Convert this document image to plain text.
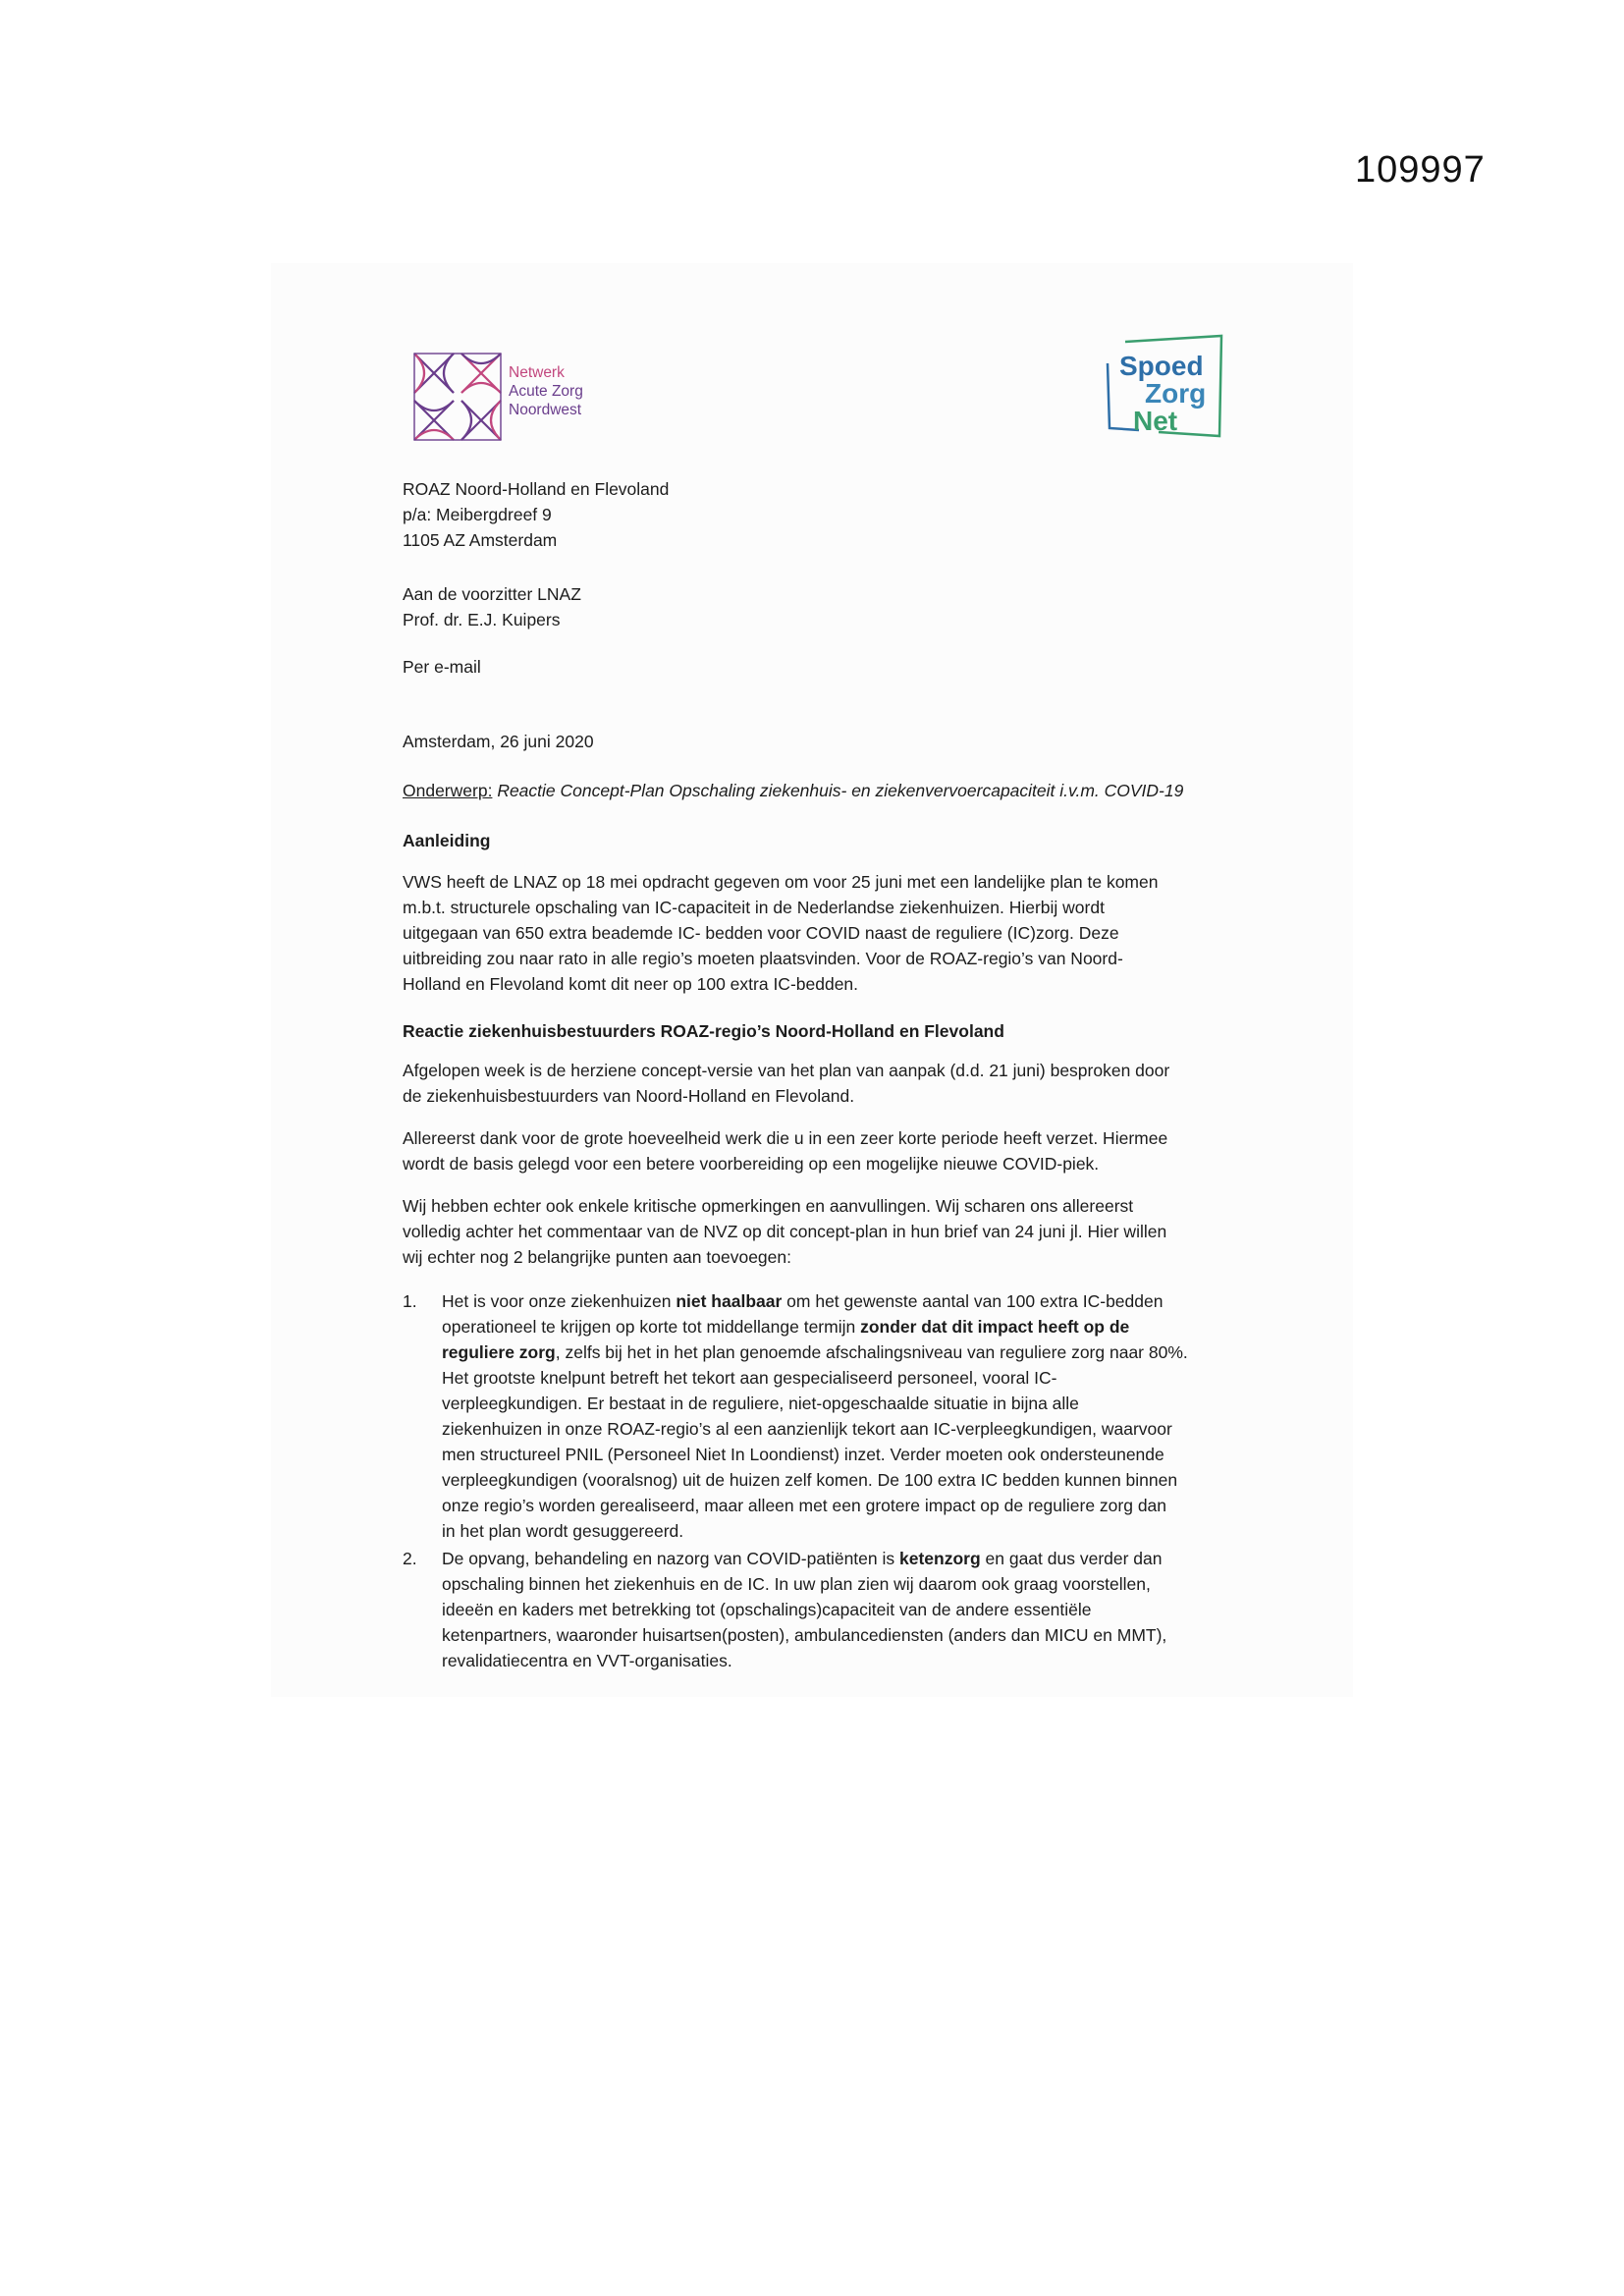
109997
Netwerk
Acute Zorg
Noordwest
Spoed
Zorg
Net
ROAZ Noord-Holland en Flevoland
p/a: Meibergdreef 9
1105 AZ Amsterdam
Aan de voorzitter LNAZ
Prof. dr. E.J. Kuipers
Per e-mail
Amsterdam, 26 juni 2020
Onderwerp: Reactie Concept-Plan Opschaling ziekenhuis- en ziekenvervoercapaciteit i.v.m. COVID-19
Aanleiding
VWS heeft de LNAZ op 18 mei opdracht gegeven om voor 25 juni met een landelijke plan te komen
m.b.t. structurele opschaling van IC-capaciteit in de Nederlandse ziekenhuizen. Hierbij wordt
uitgegaan van 650 extra beademde IC- bedden voor COVID naast de reguliere (IC)zorg. Deze
uitbreiding zou naar rato in alle regio’s moeten plaatsvinden. Voor de ROAZ-regio’s van Noord-
Holland en Flevoland komt dit neer op 100 extra IC-bedden.
Reactie ziekenhuisbestuurders ROAZ-regio’s Noord-Holland en Flevoland
Afgelopen week is de herziene concept-versie van het plan van aanpak (d.d. 21 juni) besproken door
de ziekenhuisbestuurders van Noord-Holland en Flevoland.
Allereerst dank voor de grote hoeveelheid werk die u in een zeer korte periode heeft verzet. Hiermee
wordt de basis gelegd voor een betere voorbereiding op een mogelijke nieuwe COVID-piek.
Wij hebben echter ook enkele kritische opmerkingen en aanvullingen. Wij scharen ons allereerst
volledig achter het commentaar van de NVZ op dit concept-plan in hun brief van 24 juni jl. Hier willen
wij echter nog 2 belangrijke punten aan toevoegen:
1. Het is voor onze ziekenhuizen niet haalbaar om het gewenste aantal van 100 extra IC-bedden
operationeel te krijgen op korte tot middellange termijn zonder dat dit impact heeft op de
reguliere zorg, zelfs bij het in het plan genoemde afschalingsniveau van reguliere zorg naar 80%.
Het grootste knelpunt betreft het tekort aan gespecialiseerd personeel, vooral IC-
verpleegkundigen. Er bestaat in de reguliere, niet-opgeschaalde situatie in bijna alle
ziekenhuizen in onze ROAZ-regio’s al een aanzienlijk tekort aan IC-verpleegkundigen, waarvoor
men structureel PNIL (Personeel Niet In Loondienst) inzet. Verder moeten ook ondersteunende
verpleegkundigen (vooralsnog) uit de huizen zelf komen. De 100 extra IC bedden kunnen binnen
onze regio’s worden gerealiseerd, maar alleen met een grotere impact op de reguliere zorg dan
in het plan wordt gesuggereerd.
2. De opvang, behandeling en nazorg van COVID-patiënten is ketenzorg en gaat dus verder dan
opschaling binnen het ziekenhuis en de IC. In uw plan zien wij daarom ook graag voorstellen,
ideeën en kaders met betrekking tot (opschalings)capaciteit van de andere essentiële
ketenpartners, waaronder huisartsen(posten), ambulancediensten (anders dan MICU en MMT),
revalidatiecentra en VVT-organisaties.
